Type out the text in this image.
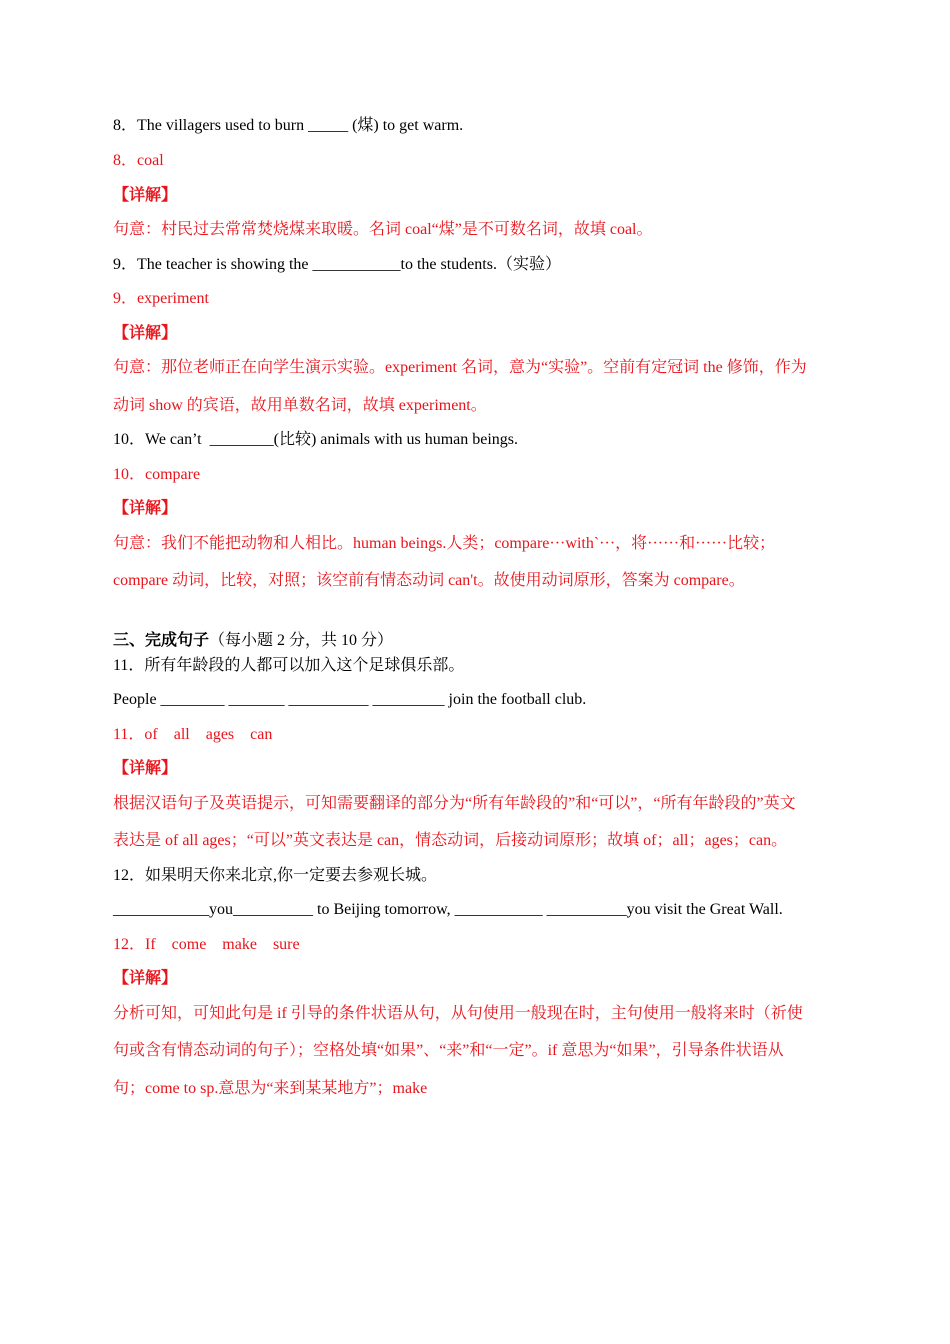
8．The villagers used to burn _____ (煤) to get warm.
8．coal
【详解】
句意：村民过去常常焚烧煤来取暖。名词 coal“煤”是不可数名词，故填 coal。
9．The teacher is showing the ___________to the students.（实验）
9．experiment
【详解】
句意：那位老师正在向学生演示实验。experiment 名词，意为“实验”。空前有定冠词 the 修饰，作为
动词 show 的宾语，故用单数名词，故填 experiment。
10．We can’t  ________(比较) animals with us human beings.
10．compare
【详解】
句意：我们不能把动物和人相比。human beings.人类；compare···with`···，将······和······比较；
compare 动词，比较，对照；该空前有情态动词 can't。故使用动词原形，答案为 compare。
三、完成句子（每小题 2 分，共 10 分）
11．所有年龄段的人都可以加入这个足球俱乐部。
People ________ _______ __________ _________ join the football club.
11．of    all    ages    can
【详解】
根据汉语句子及英语提示，可知需要翻译的部分为“所有年龄段的”和“可以”，“所有年龄段的”英文
表达是 of all ages；“可以”英文表达是 can，情态动词，后接动词原形；故填 of；all；ages；can。
12．如果明天你来北京,你一定要去参观长城。
____________you__________ to Beijing tomorrow, ___________ __________you visit the Great Wall.
12．If    come    make    sure
【详解】
分析可知，可知此句是 if 引导的条件状语从句，从句使用一般现在时，主句使用一般将来时（祈使
句或含有情态动词的句子）；空格处填“如果”、“来”和“一定”。if 意思为“如果”，引导条件状语从
句；come to sp.意思为“来到某某地方”；make
